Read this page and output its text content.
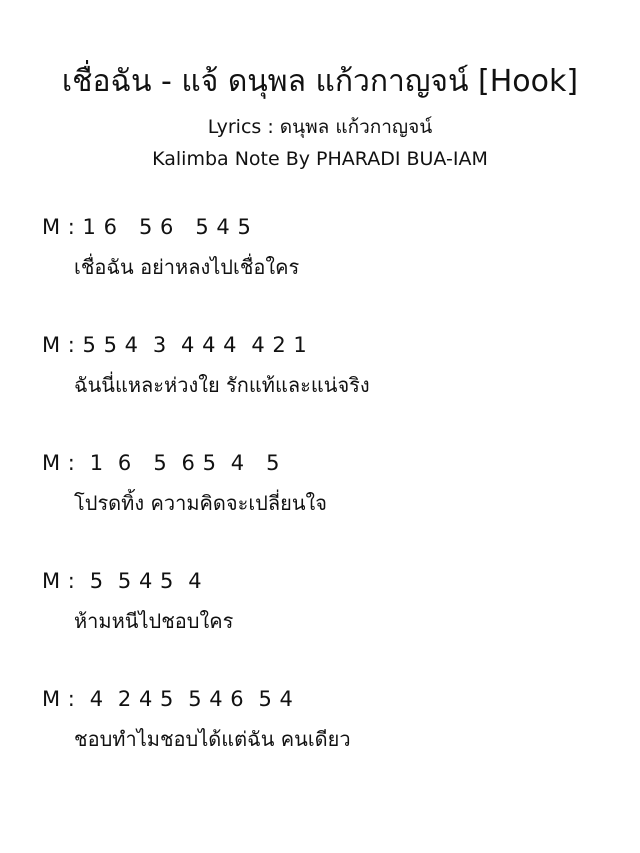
เชื่อฉัน - แจ้ ดนุพล แก้วกาญจน์ [Hook]
Lyrics : ดนุพล แก้วกาญจน์
Kalimba Note By PHARADI BUA-IAM
M : 1 6   5 6   5 4 5
เชื่อฉัน อย่าหลงไปเชื่อใคร
M : 5 5 4  3  4 4 4  4 2 1
ฉันนี่แหละห่วงใย รักแท้และแน่จริง
M :  1  6   5  6 5  4   5
โปรดทิ้ง ความคิดจะเปลี่ยนใจ
M :  5  5 4 5  4
ห้ามหนีไปชอบใคร
M :  4  2 4 5  5 4 6  5 4
ชอบทำไมชอบได้แต่ฉัน คนเดียว
